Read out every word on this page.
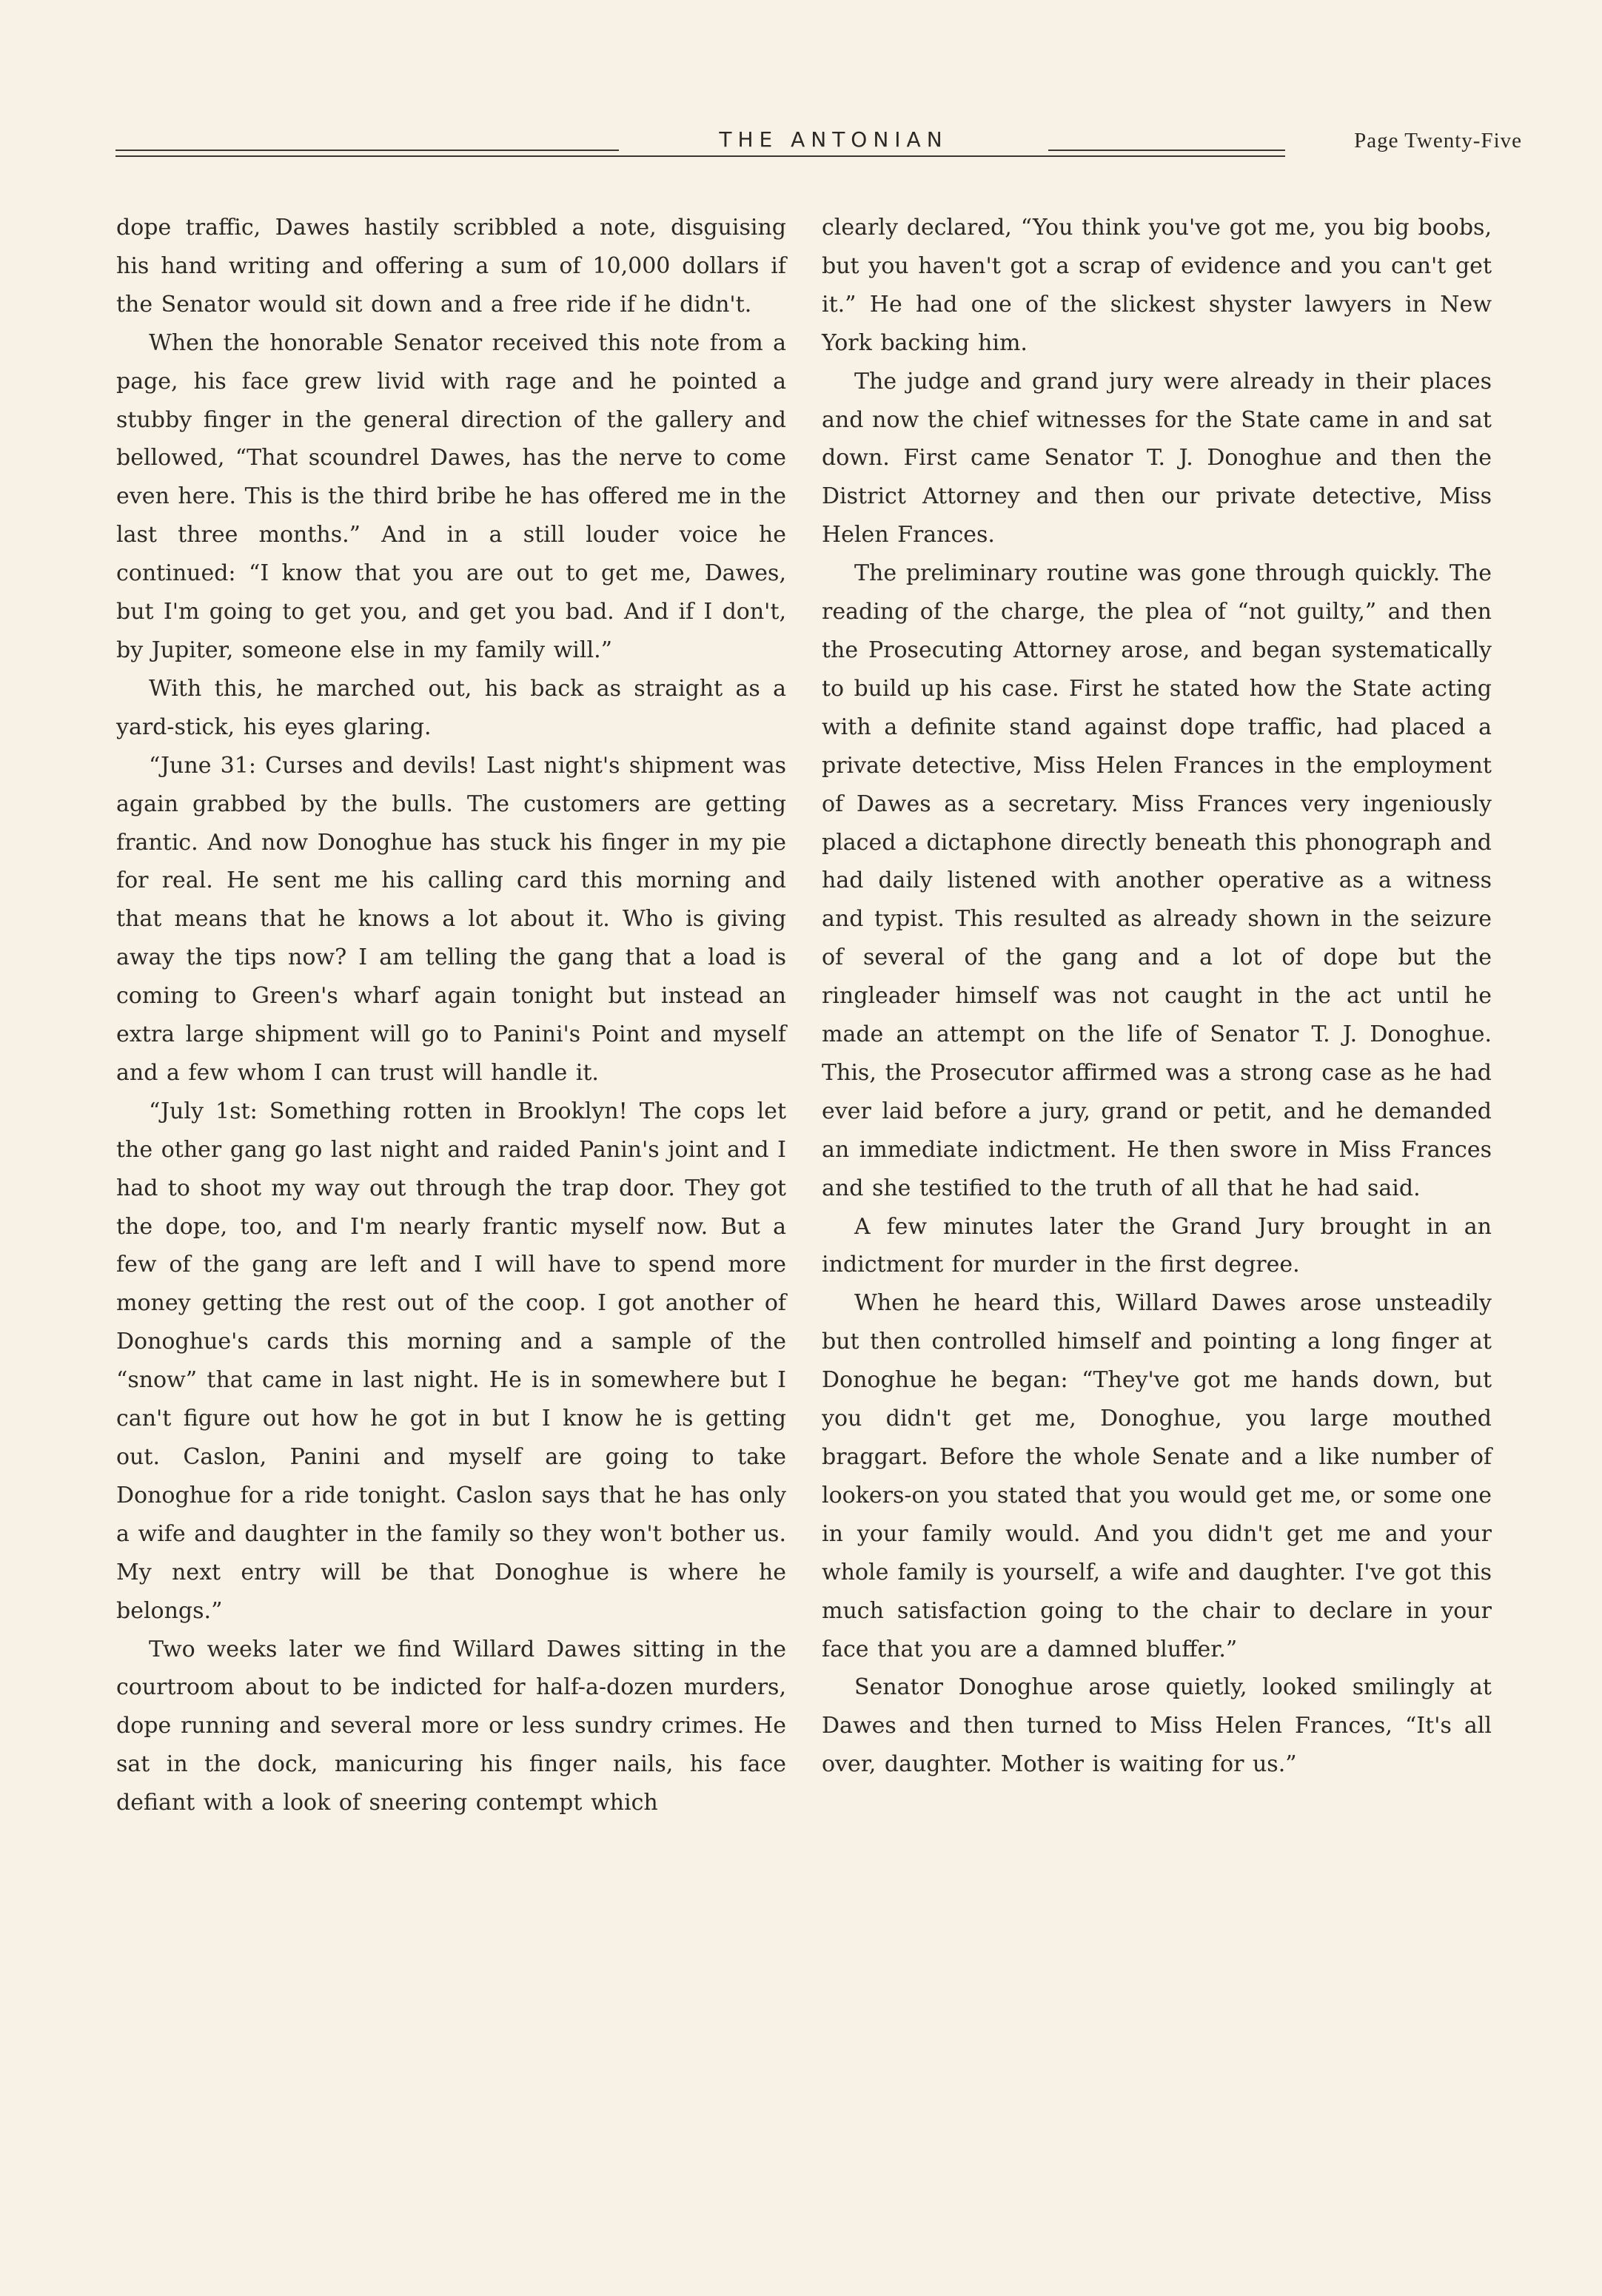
THE ANTONIAN	Page Twenty-Five

dope traffic, Dawes hastily scribbled a note, disguising his hand writing and offering a sum of 10,000 dollars if the Senator would sit down and a free ride if he didn't.

When the honorable Senator received this note from a page, his face grew livid with rage and he pointed a stubby finger in the general direction of the gallery and bellowed, “That scoundrel Dawes, has the nerve to come even here. This is the third bribe he has offered me in the last three months.” And in a still louder voice he continued: “I know that you are out to get me, Dawes, but I'm going to get you, and get you bad. And if I don't, by Jupiter, someone else in my family will.”

With this, he marched out, his back as straight as a yard-stick, his eyes glaring.

“June 31: Curses and devils! Last night's shipment was again grabbed by the bulls. The customers are getting frantic. And now Donoghue has stuck his finger in my pie for real. He sent me his calling card this morning and that means that he knows a lot about it. Who is giving away the tips now? I am telling the gang that a load is coming to Green's wharf again tonight but instead an extra large shipment will go to Panini's Point and myself and a few whom I can trust will handle it.

“July 1st: Something rotten in Brooklyn! The cops let the other gang go last night and raided Panin's joint and I had to shoot my way out through the trap door. They got the dope, too, and I'm nearly frantic myself now. But a few of the gang are left and I will have to spend more money getting the rest out of the coop. I got another of Donoghue's cards this morning and a sample of the “snow” that came in last night. He is in somewhere but I can't figure out how he got in but I know he is getting out. Caslon, Panini and myself are going to take Donoghue for a ride tonight. Caslon says that he has only a wife and daughter in the family so they won't bother us. My next entry will be that Donoghue is where he belongs.”

Two weeks later we find Willard Dawes sitting in the courtroom about to be indicted for half-a-dozen murders, dope running and several more or less sundry crimes. He sat in the dock, manicuring his finger nails, his face defiant with a look of sneering contempt which

clearly declared, “You think you've got me, you big boobs, but you haven't got a scrap of evidence and you can't get it.” He had one of the slickest shyster lawyers in New York backing him.

The judge and grand jury were already in their places and now the chief witnesses for the State came in and sat down. First came Senator T. J. Donoghue and then the District Attorney and then our private detective, Miss Helen Frances.

The preliminary routine was gone through quickly. The reading of the charge, the plea of “not guilty,” and then the Prosecuting Attorney arose, and began systematically to build up his case. First he stated how the State acting with a definite stand against dope traffic, had placed a private detective, Miss Helen Frances in the employment of Dawes as a secretary. Miss Frances very ingeniously placed a dictaphone directly beneath this phonograph and had daily listened with another operative as a witness and typist. This resulted as already shown in the seizure of several of the gang and a lot of dope but the ringleader himself was not caught in the act until he made an attempt on the life of Senator T. J. Donoghue. This, the Prosecutor affirmed was a strong case as he had ever laid before a jury, grand or petit, and he demanded an immediate indictment. He then swore in Miss Frances and she testified to the truth of all that he had said.

A few minutes later the Grand Jury brought in an indictment for murder in the first degree.

When he heard this, Willard Dawes arose unsteadily but then controlled himself and pointing a long finger at Donoghue he began: “They've got me hands down, but you didn't get me, Donoghue, you large mouthed braggart. Before the whole Senate and a like number of lookers-on you stated that you would get me, or some one in your family would. And you didn't get me and your whole family is yourself, a wife and daughter. I've got this much satisfaction going to the chair to declare in your face that you are a damned bluffer.”

Senator Donoghue arose quietly, looked smilingly at Dawes and then turned to Miss Helen Frances, “It's all over, daughter. Mother is waiting for us.”
